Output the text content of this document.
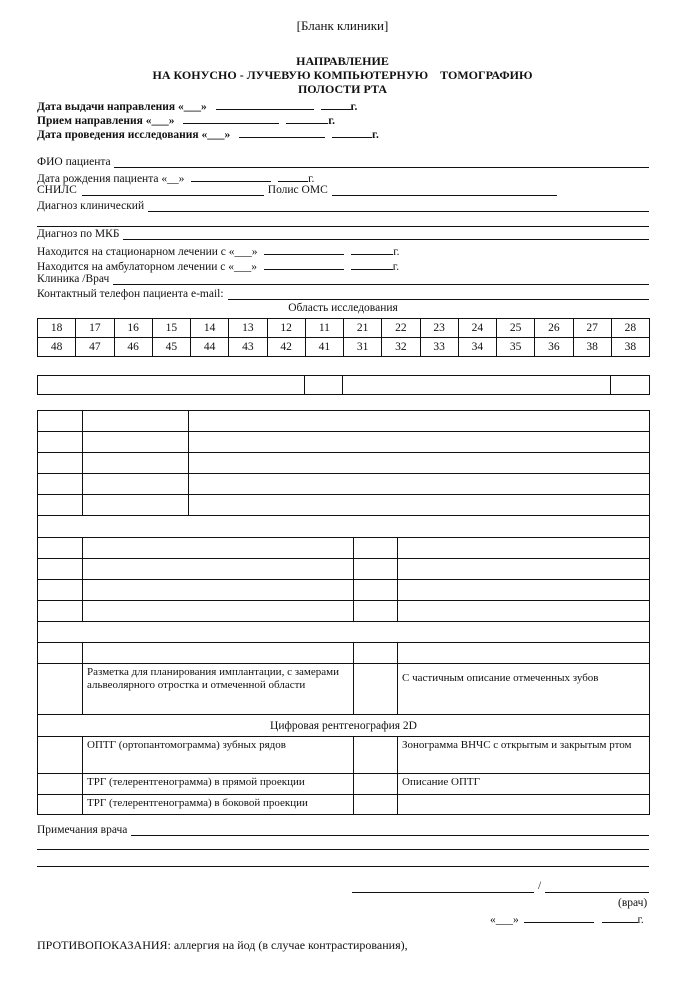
[Бланк клиники]
НАПРАВЛЕНИЕ
НА КОНУСНО - ЛУЧЕВУЮ КОМПЬЮТЕРНУЮ    ТОМОГРАФИЮ
ПОЛОСТИ РТА
Дата выдачи направления «___»	г.
Прием направления «___»	г.
Дата проведения исследования «___»	г.
ФИО пациента
Дата рождения пациента «__»	г.
СНИЛС	Полис ОМС
Диагноз клинический
Диагноз по МКБ
Находится на стационарном лечении с «___»	г.
Находится на амбулаторном лечении с «___»	г.
Клиника /Врач
Контактный телефон пациента e-mail:
Область исследования
18	17	16	15	14	13	12	11	21	22	23	24	25	26	27	28
48	47	46	45	44	43	42	41	31	32	33	34	35	36	38	38

	Разметка для планирования имплантации, с замерами альвеолярного отростка и отмеченной области		С частичным описание отмеченных зубов
Цифровая рентгенография 2D			
	ОПТГ (ортопантомограмма) зубных рядов		Зонограмма ВНЧС с открытым и закрытым ртом
	ТРГ (телерентгенограмма) в прямой проекции		Описание ОПТГ
	ТРГ (телерентгенограмма) в боковой проекции		
Примечания врача
/
(врач)
«___»	г.
ПРОТИВОПОКАЗАНИЯ: аллергия на йод (в случае контрастирования),
